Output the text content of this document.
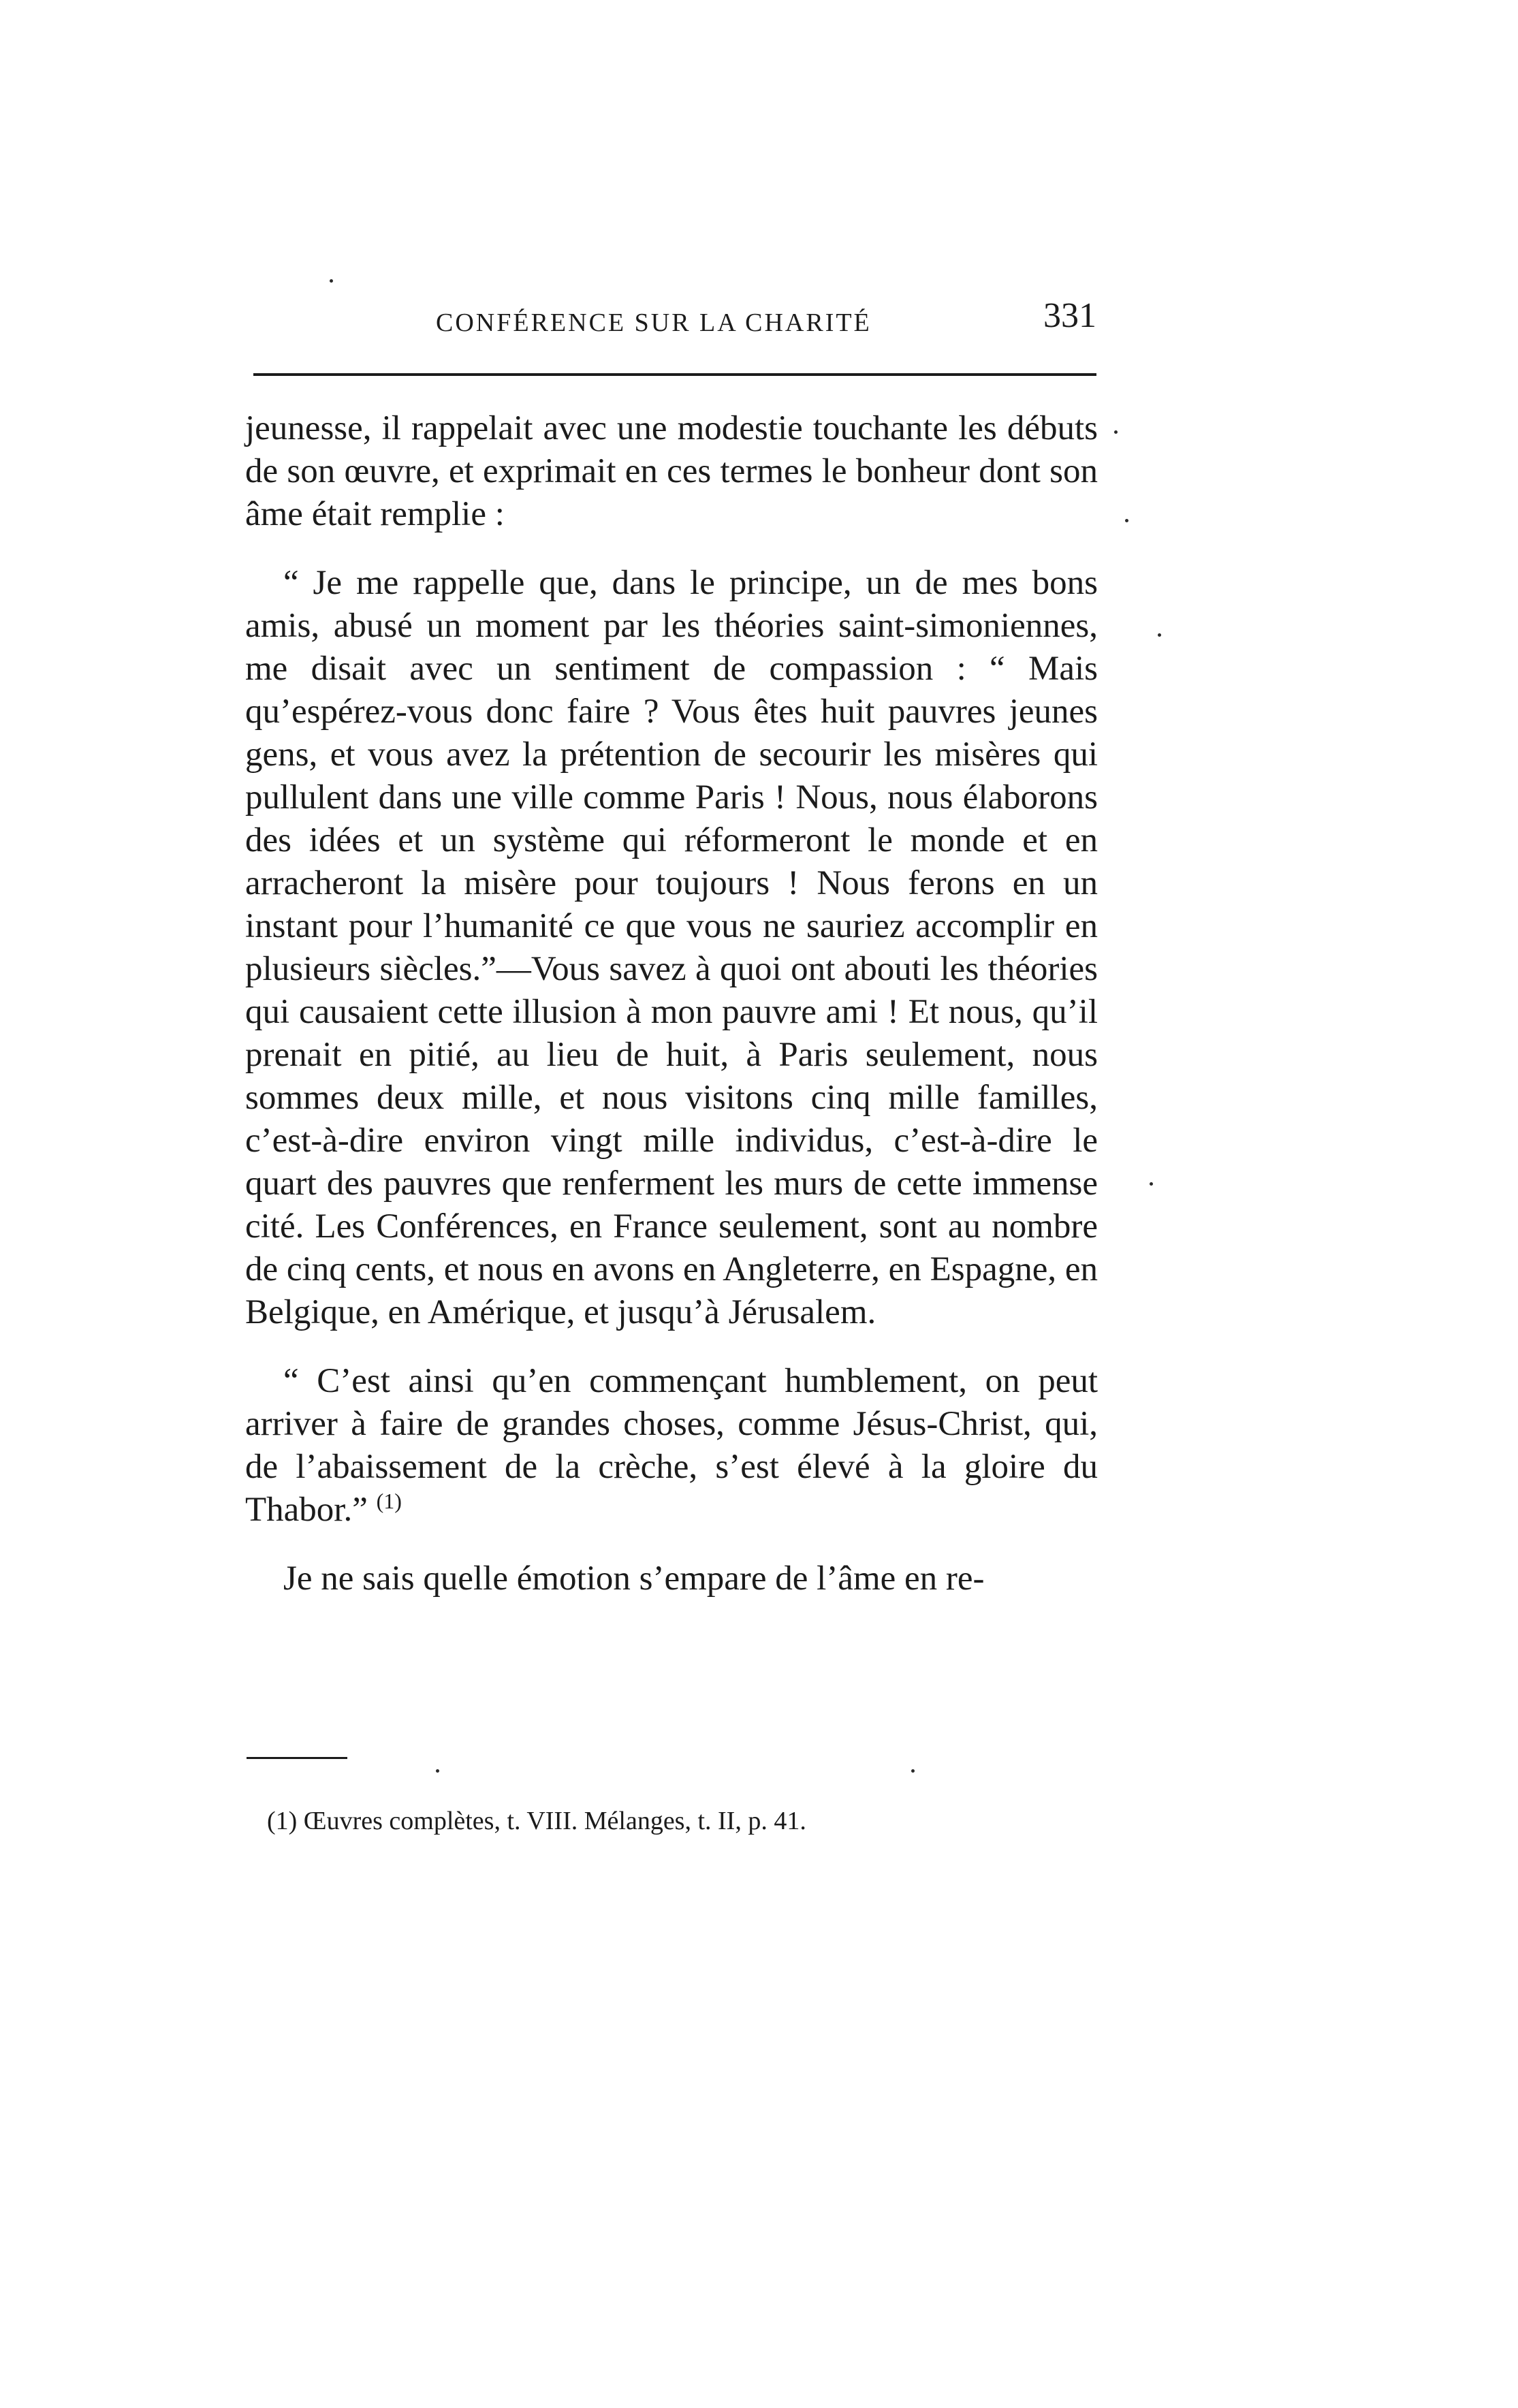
CONFÉRENCE SUR LA CHARITÉ	331

jeunesse, il rappelait avec une modestie touchante les débuts de son œuvre, et exprimait en ces termes le bonheur dont son âme était remplie :

“ Je me rappelle que, dans le principe, un de mes bons amis, abusé un moment par les théories saint-simoniennes, me disait avec un sentiment de compassion : “ Mais qu’espérez-vous donc faire ? Vous êtes huit pauvres jeunes gens, et vous avez la prétention de secourir les misères qui pullulent dans une ville comme Paris ! Nous, nous élaborons des idées et un système qui réformeront le monde et en arracheront la misère pour toujours ! Nous ferons en un instant pour l’humanité ce que vous ne sauriez accomplir en plusieurs siècles.”—Vous savez à quoi ont abouti les théories qui causaient cette illusion à mon pauvre ami ! Et nous, qu’il prenait en pitié, au lieu de huit, à Paris seulement, nous sommes deux mille, et nous visitons cinq mille familles, c’est-à-dire environ vingt mille individus, c’est-à-dire le quart des pauvres que renferment les murs de cette immense cité. Les Conférences, en France seulement, sont au nombre de cinq cents, et nous en avons en Angleterre, en Espagne, en Belgique, en Amérique, et jusqu’à Jérusalem.

“ C’est ainsi qu’en commençant humblement, on peut arriver à faire de grandes choses, comme Jésus-Christ, qui, de l’abaissement de la crèche, s’est élevé à la gloire du Thabor.” $^{(1)}$

Je ne sais quelle émotion s’empare de l’âme en re-

(1) Œuvres complètes, t. VIII. Mélanges, t. II, p. 41.
